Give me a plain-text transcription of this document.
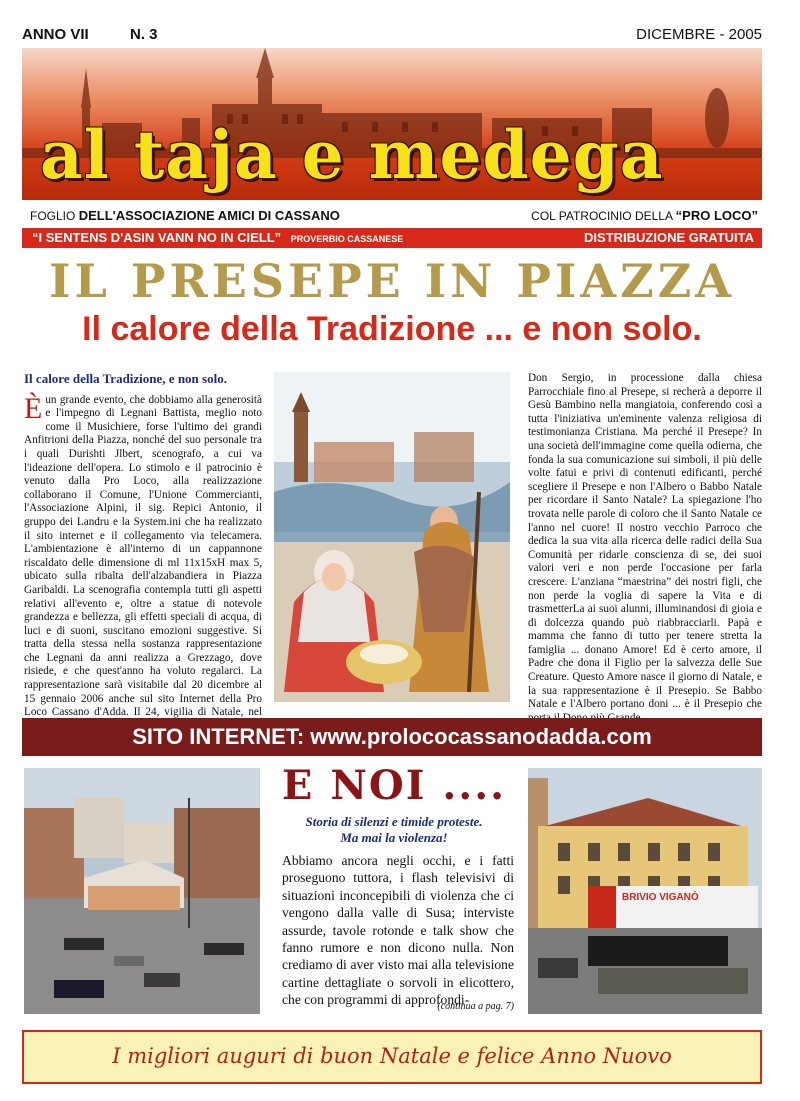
ANNO VII	N. 3	DICEMBRE - 2005
al taja e medega
FOGLIO DELL'ASSOCIAZIONE AMICI DI CASSANO	COL PATROCINIO DELLA “PRO LOCO”
“I SENTENS D'ASIN VANN NO IN CIELL” PROVERBIO CASSANESE	DISTRIBUZIONE GRATUITA
IL PRESEPE IN PIAZZA
Il calore della Tradizione ... e non solo.
Il calore della Tradizione, e non solo.

Èun grande evento, che dobbiamo alla generosità e l'impegno di Legnani Battista, meglio noto come il Musichiere, forse l'ultimo dei grandi Anfitrioni della Piazza, nonché del suo personale tra i quali Durishti Jlbert, scenografo, a cui va l'ideazione dell'opera. Lo stimolo e il patrocinio è venuto dalla Pro Loco, alla realizzazione collaborano il Comune, l'Unione Commercianti, l'Associazione Alpini, il sig. Repici Antonio, il gruppo dei Landru e la System.ini che ha realizzato il sito internet e il collegamento via telecamera. L'ambientazione è all'interno di un cappannone riscaldato delle dimensione di ml 11x15xH max 5, ubicato sulla ribalta dell'alzabandiera in Piazza Garibaldi. La scenografia contempla tutti gli aspetti relativi all'evento e, oltre a statue di notevole grandezza e bellezza, gli effetti speciali di acqua, di luci e di suoni, suscitano emozioni suggestive. Si tratta della stessa nella sostanza rappresentazione che Legnani da anni realizza a Grezzago, dove risiede, e che quest'anno ha voluto regalarci. La rappresentazione sarà visitabile dal 20 dicembre al 15 gennaio 2006 anche sul sito Internet della Pro Loco Cassano d'Adda. Il 24, vigilia di Natale, nel

Don Sergio, in processione dalla chiesa Parrocchiale fino al Presepe, si recherà a deporre il Gesù Bambino nella mangiatoia, conferendo così a tutta l'iniziativa un'eminente valenza religiosa di testimonianza Cristiana. Ma perché il Presepe? In una società dell'immagine come quella odierna, che fonda la sua comunicazione sui simboli, il più delle volte fatui e privi di contenuti edificanti, perché scegliere il Presepe e non l'Albero o Babbo Natale per ricordare il Santo Natale? La spiegazione l'ho trovata nelle parole di coloro che il Santo Natale ce l'anno nel cuore! Il nostro vecchio Parroco che dedica la sua vita alla ricerca delle radici della Sua Comunità per ridarle conscienza di se, dei suoi valori veri e non perde l'occasione per farla crescere. L'anziana “maestrina” dei nostri figli, che non perde la voglia di sapere la Vita e di trasmetterLa ai suoi alunni, illuminandosi di gioia e di dolcezza quando può riabbracciarli. Papà e mamma che fanno di tutto per tenere stretta la famiglia ... donano Amore! Ed è certo amore, il Padre che dona il Figlio per la salvezza delle Sue Creature. Questo Amore nasce il giorno di Natale, e la sua rappresentazione è il Presepio. Se Babbo Natale e l'Albero portano doni ... è il Presepio che

SITO INTERNET: www.prolococassanodadda.com
E NOI ....
Storia di silenzi e timide proteste.
Ma mai la violenza!
Abbiamo ancora negli occhi, e i fatti proseguono tuttora, i flash televisivi di situazioni inconcepibili di violenza che ci vengono dalla valle di Susa; interviste assurde, tavole rotonde e talk show che fanno rumore e non dicono nulla. Non crediamo di aver visto mai alla televisione cartine dettagliate o sorvoli in elicottero, che con programmi di approfondi-
(continua a pag. 7)
BRIVIO VIGANÒ
I migliori auguri di buon Natale e felice Anno Nuovo
